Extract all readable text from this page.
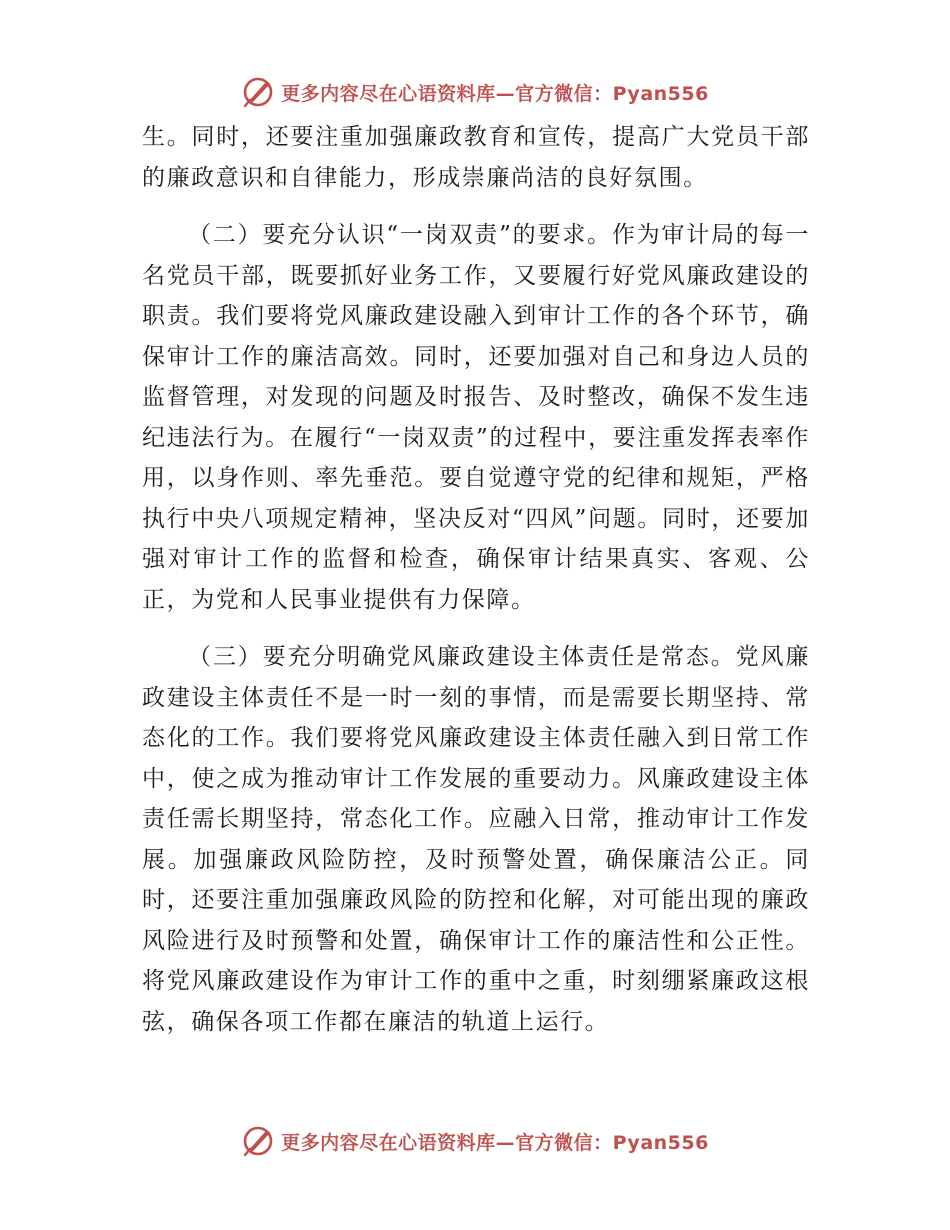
更多内容尽在心语资料库—官方微信：Pyan556

生。同时，还要注重加强廉政教育和宣传，提高广大党员干部的廉政意识和自律能力，形成崇廉尚洁的良好氛围。

（二）要充分认识“一岗双责”的要求。作为审计局的每一名党员干部，既要抓好业务工作，又要履行好党风廉政建设的职责。我们要将党风廉政建设融入到审计工作的各个环节，确保审计工作的廉洁高效。同时，还要加强对自己和身边人员的监督管理，对发现的问题及时报告、及时整改，确保不发生违纪违法行为。在履行“一岗双责”的过程中，要注重发挥表率作用，以身作则、率先垂范。要自觉遵守党的纪律和规矩，严格执行中央八项规定精神，坚决反对“四风”问题。同时，还要加强对审计工作的监督和检查，确保审计结果真实、客观、公正，为党和人民事业提供有力保障。

（三）要充分明确党风廉政建设主体责任是常态。党风廉政建设主体责任不是一时一刻的事情，而是需要长期坚持、常态化的工作。我们要将党风廉政建设主体责任融入到日常工作中，使之成为推动审计工作发展的重要动力。风廉政建设主体责任需长期坚持，常态化工作。应融入日常，推动审计工作发展。加强廉政风险防控，及时预警处置，确保廉洁公正。同时，还要注重加强廉政风险的防控和化解，对可能出现的廉政风险进行及时预警和处置，确保审计工作的廉洁性和公正性。将党风廉政建设作为审计工作的重中之重，时刻绷紧廉政这根弦，确保各项工作都在廉洁的轨道上运行。

更多内容尽在心语资料库—官方微信：Pyan556
